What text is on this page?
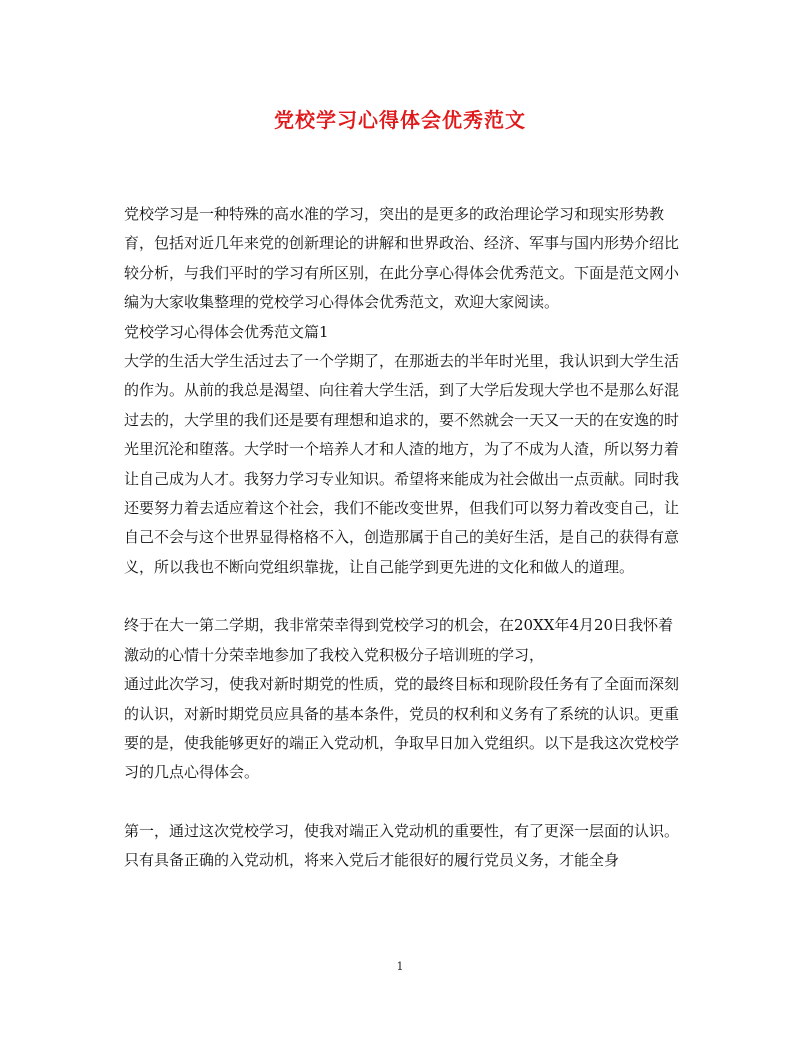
党校学习心得体会优秀范文

党校学习是一种特殊的高水准的学习，突出的是更多的政治理论学习和现实形势教育，包括对近几年来党的创新理论的讲解和世界政治、经济、军事与国内形势介绍比较分析，与我们平时的学习有所区别，在此分享心得体会优秀范文。下面是范文网小编为大家收集整理的党校学习心得体会优秀范文，欢迎大家阅读。

党校学习心得体会优秀范文篇1

大学的生活大学生活过去了一个学期了，在那逝去的半年时光里，我认识到大学生活的作为。从前的我总是渴望、向往着大学生活，到了大学后发现大学也不是那么好混过去的，大学里的我们还是要有理想和追求的，要不然就会一天又一天的在安逸的时光里沉沦和堕落。大学时一个培养人才和人渣的地方，为了不成为人渣，所以努力着让自己成为人才。我努力学习专业知识。希望将来能成为社会做出一点贡献。同时我还要努力着去适应着这个社会，我们不能改变世界，但我们可以努力着改变自己，让自己不会与这个世界显得格格不入，创造那属于自己的美好生活，是自己的获得有意义，所以我也不断向党组织靠拢，让自己能学到更先进的文化和做人的道理。

终于在大一第二学期，我非常荣幸得到党校学习的机会，在20XX年4月20日我怀着激动的心情十分荣幸地参加了我校入党积极分子培训班的学习，

通过此次学习，使我对新时期党的性质，党的最终目标和现阶段任务有了全面而深刻的认识，对新时期党员应具备的基本条件，党员的权利和义务有了系统的认识。更重要的是，使我能够更好的端正入党动机，争取早日加入党组织。以下是我这次党校学习的几点心得体会。

第一，通过这次党校学习，使我对端正入党动机的重要性，有了更深一层面的认识。只有具备正确的入党动机，将来入党后才能很好的履行党员义务，才能全身

1
